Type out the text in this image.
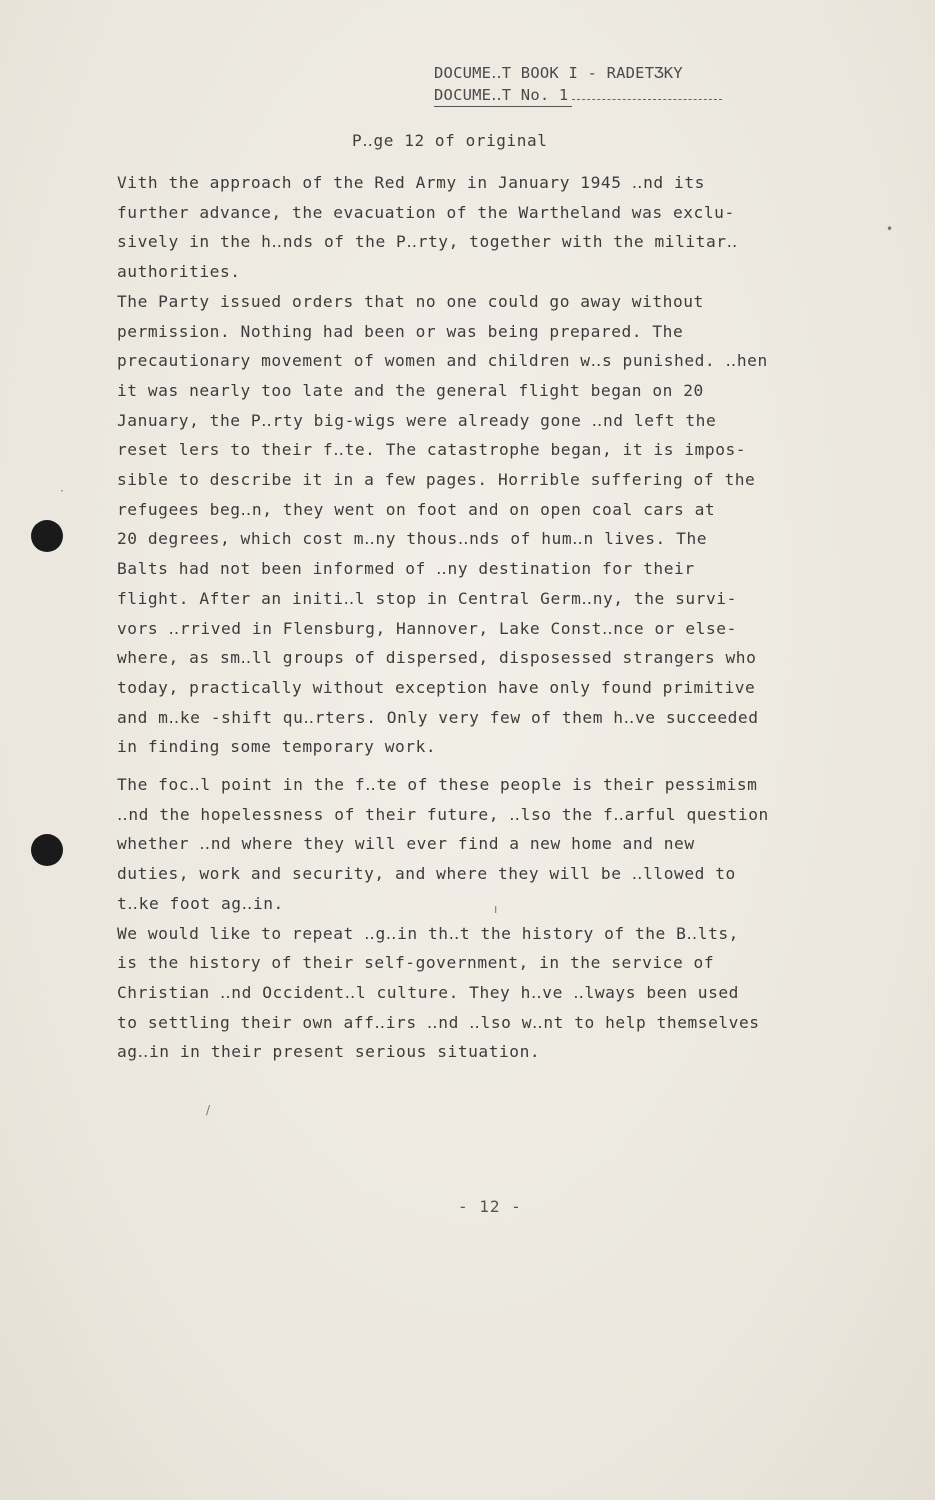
DOCUME‥T BOOK I - RADETƷKY
DOCUME‥T No. 1
P‥ge 12 of original

Vith the approach of the Red Army in January 1945 ‥nd its
further advance, the evacuation of the Wartheland was exclu-
sively in the h‥nds of the P‥rty, together with the militar‥
authorities.

The Party issued orders that no one could go away without
permission. Nothing had been or was being prepared. The
precautionary movement of women and children w‥s punished. ‥hen
it was nearly too late and the general flight began on 20
January, the P‥rty big-wigs were already gone ‥nd left the
reset lers to their f‥te. The catastrophe began, it is impos-
sible to describe it in a few pages. Horrible suffering of the
refugees beg‥n, they went on foot and on open coal cars at
20 degrees, which cost m‥ny thous‥nds of hum‥n lives. The
Balts had not been informed of ‥ny destination for their
flight. After an initi‥l stop in Central Germ‥ny, the survi-
vors ‥rrived in Flensburg, Hannover, Lake Const‥nce or else-
where, as sm‥ll groups of dispersed, disposessed strangers who
today, practically without exception have only found primitive
and m‥ke -shift qu‥rters. Only very few of them h‥ve succeeded
in finding some temporary work.

The foc‥l point in the f‥te of these people is their pessimism
‥nd the hopelessness of their future, ‥lso the f‥arful question
whether ‥nd where they will ever find a new home and new
duties, work and security, and where they will be ‥llowed to
t‥ke foot ag‥in.

We would like to repeat ‥g‥in th‥t the history of the B‥lts,
is the history of their self-government, in the service of
Christian ‥nd Occident‥l culture. They h‥ve ‥lways been used
to settling their own aff‥irs ‥nd ‥lso w‥nt to help themselves
ag‥in in their present serious situation.

•
·
ı
/
- 12 -
